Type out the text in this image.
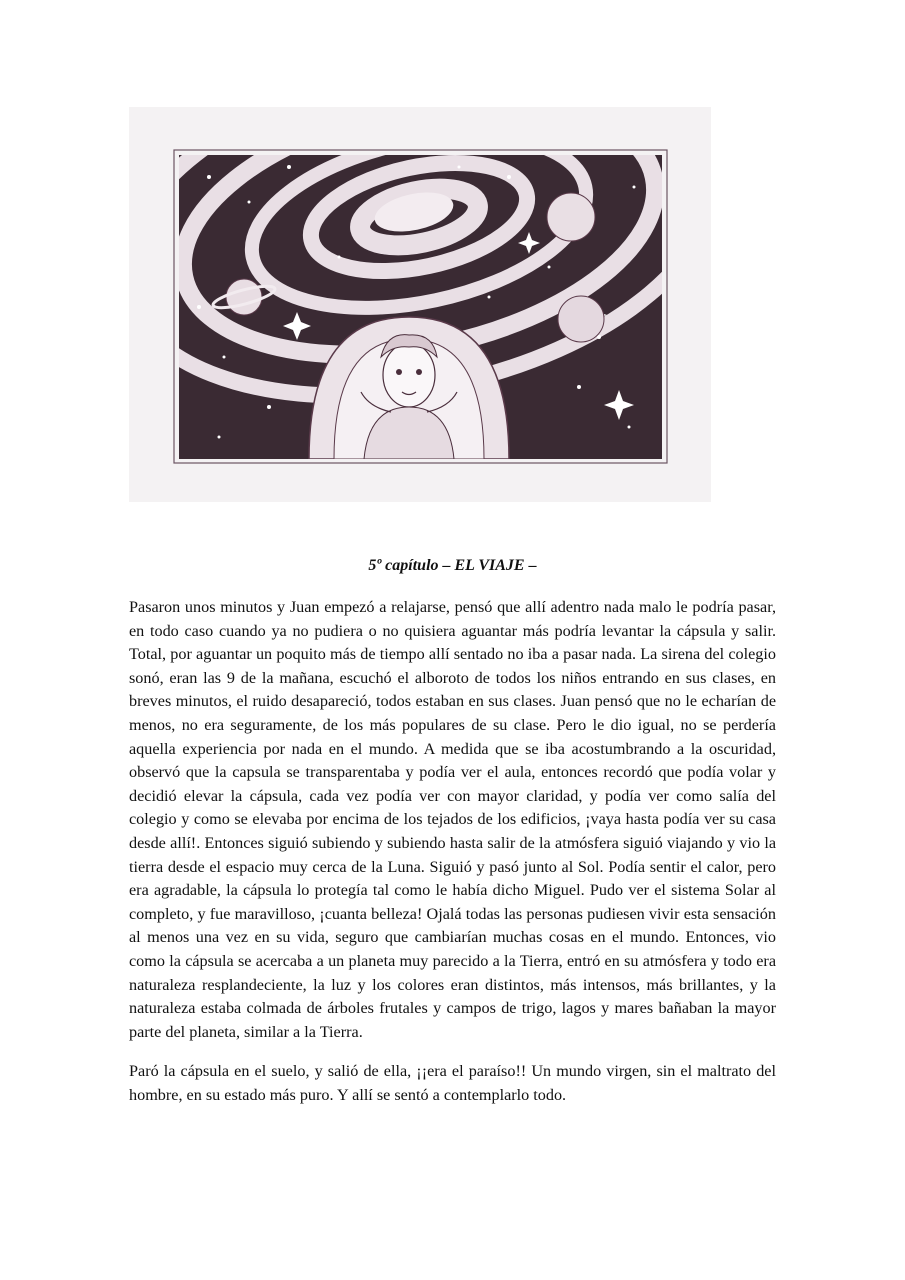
5º capítulo – EL VIAJE –

Pasaron unos minutos y Juan empezó a relajarse, pensó que allí adentro nada malo le podría pasar, en todo caso cuando ya no pudiera o no quisiera aguantar más podría levantar la cápsula y salir. Total, por aguantar un poquito más de tiempo allí sentado no iba a pasar nada. La sirena del colegio sonó, eran las 9 de la mañana, escuchó el alboroto de todos los niños entrando en sus clases, en breves minutos, el ruido desapareció, todos estaban en sus clases. Juan pensó que no le echarían de menos, no era seguramente, de los más populares de su clase. Pero le dio igual, no se perdería aquella experiencia por nada en el mundo. A medida que se iba acostumbrando a la oscuridad, observó que la capsula se transparentaba y podía ver el aula, entonces recordó que podía volar y decidió elevar la cápsula, cada vez podía ver con mayor claridad, y podía ver como salía del colegio y como se elevaba por encima de los tejados de los edificios, ¡vaya hasta podía ver su casa desde allí!. Entonces siguió subiendo y subiendo hasta salir de la atmósfera siguió viajando y vio la tierra desde el espacio muy cerca de la Luna. Siguió y pasó junto al Sol. Podía sentir el calor, pero era agradable, la cápsula lo protegía tal como le había dicho Miguel. Pudo ver el sistema Solar al completo, y fue maravilloso, ¡cuanta belleza! Ojalá todas las personas pudiesen vivir esta sensación al menos una vez en su vida, seguro que cambiarían muchas cosas en el mundo. Entonces, vio como la cápsula se acercaba a un planeta muy parecido a la Tierra, entró en su atmósfera y todo era naturaleza resplandeciente, la luz y los colores eran distintos, más intensos, más brillantes, y la naturaleza estaba colmada de árboles frutales y campos de trigo, lagos y mares bañaban la mayor parte del planeta, similar a la Tierra.

Paró la cápsula en el suelo, y salió de ella, ¡¡era el paraíso!! Un mundo virgen, sin el maltrato del hombre, en su estado más puro. Y allí se sentó a contemplarlo todo.
